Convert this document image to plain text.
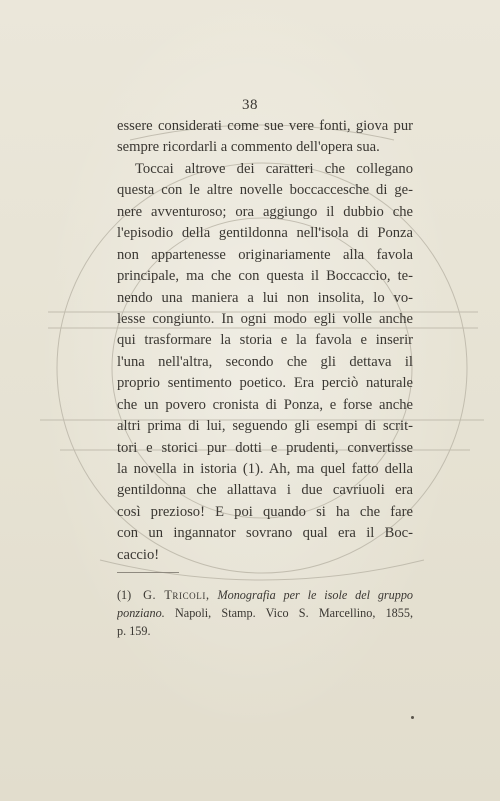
38
essere considerati come sue vere fonti, giova pur
sempre ricordarli a commento dell'opera sua.
Toccai altrove dei caratteri che collegano
questa con le altre novelle boccaccesche di ge-
nere avventuroso; ora aggiungo il dubbio che
l'episodio della gentildonna nell'isola di Ponza
non appartenesse originariamente alla favola
principale, ma che con questa il Boccaccio, te-
nendo una maniera a lui non insolita, lo vo-
lesse congiunto. In ogni modo egli volle anche
qui trasformare la storia e la favola e inserir
l'una nell'altra, secondo che gli dettava il
proprio sentimento poetico. Era perciò naturale
che un povero cronista di Ponza, e forse anche
altri prima di lui, seguendo gli esempi di scrit-
tori e storici pur dotti e prudenti, convertisse
la novella in istoria (1). Ah, ma quel fatto della
gentildonna che allattava i due cavriuoli era
così prezioso! E poi quando si ha che fare
con un ingannator sovrano qual era il Boc-
caccio!
(1) G. Tricoli, Monografia per le isole del gruppo
ponziano. Napoli, Stamp. Vico S. Marcellino, 1855,
p. 159.
